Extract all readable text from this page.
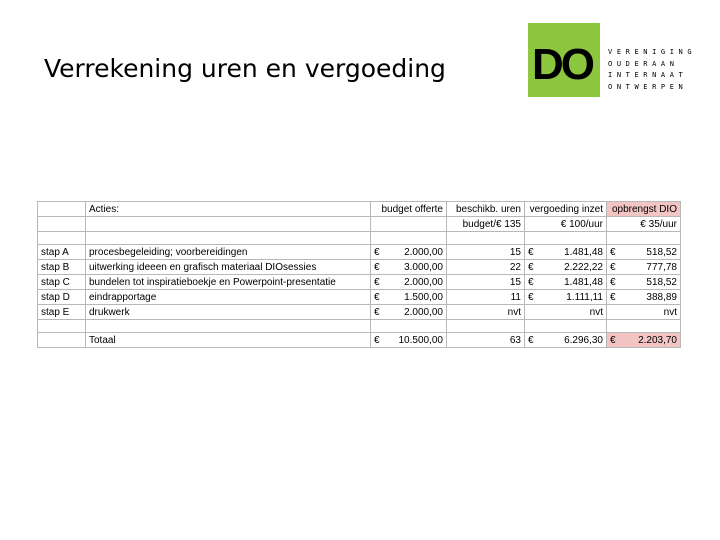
Verrekening uren en vergoeding DO VERENIGING
OUDERAAN
INTERNAAT
ONTWERPEN
	Acties:	budget offerte	beschikb. uren	vergoeding inzet	opbrengst DIO
			budget/€ 135	€ 100/uur	€ 35/uur

stap A	procesbegeleiding; voorbereidingen	€ 2.000,00	15	€ 1.481,48	€ 518,52

stap B	uitwerking ideeen en grafisch materiaal DIOsessies	€ 3.000,00	22	€ 2.222,22	€ 777,78

stap C	bundelen tot inspiratieboekje en Powerpoint-presentatie	€ 2.000,00	15	€ 1.481,48	€ 518,52

stap D	eindrapportage	€ 1.500,00	11	€ 1.111,11	€ 388,89

stap E	drukwerk	€ 2.000,00	nvt	nvt	nvt

	Totaal	€ 10.500,00	63	€ 6.296,30	€ 2.203,70
